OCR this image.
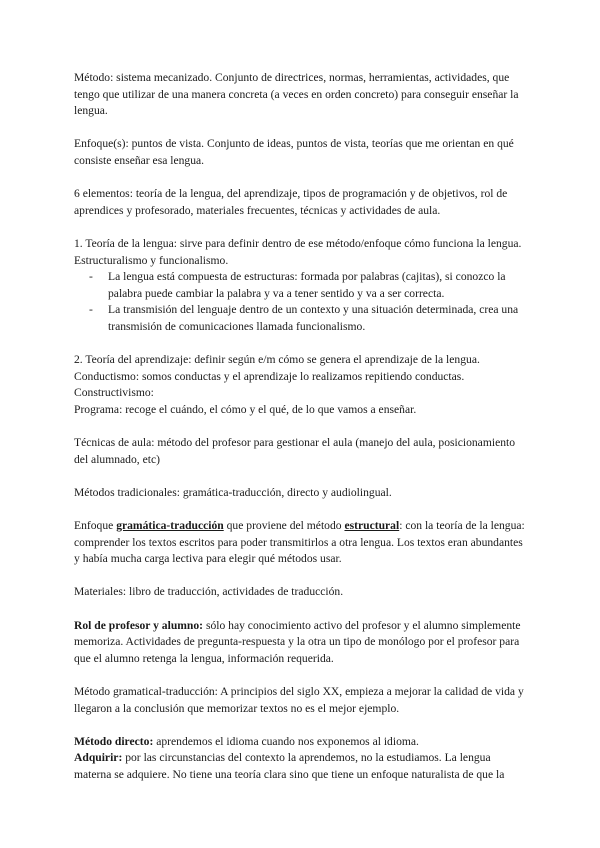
Método: sistema mecanizado. Conjunto de directrices, normas, herramientas, actividades, que tengo que utilizar de una manera concreta (a veces en orden concreto) para conseguir enseñar la lengua.

Enfoque(s): puntos de vista. Conjunto de ideas, puntos de vista, teorías que me orientan en qué consiste enseñar esa lengua.

6 elementos: teoría de la lengua, del aprendizaje, tipos de programación y de objetivos, rol de aprendices y profesorado, materiales frecuentes, técnicas y actividades de aula.

1. Teoría de la lengua: sirve para definir dentro de ese método/enfoque cómo funciona la lengua. Estructuralismo y funcionalismo.

- La lengua está compuesta de estructuras: formada por palabras (cajitas), si conozco la palabra puede cambiar la palabra y va a tener sentido y va a ser correcta.
- La transmisión del lenguaje dentro de un contexto y una situación determinada, crea una transmisión de comunicaciones llamada funcionalismo.

2. Teoría del aprendizaje: definir según e/m cómo se genera el aprendizaje de la lengua.

Conductismo: somos conductas y el aprendizaje lo realizamos repitiendo conductas.

Constructivismo:

Programa: recoge el cuándo, el cómo y el qué, de lo que vamos a enseñar.

Técnicas de aula: método del profesor para gestionar el aula (manejo del aula, posicionamiento del alumnado, etc)

Métodos tradicionales: gramática-traducción, directo y audiolingual.

Enfoque gramática-traducción que proviene del método estructural: con la teoría de la lengua: comprender los textos escritos para poder transmitirlos a otra lengua. Los textos eran abundantes y había mucha carga lectiva para elegir qué métodos usar.

Materiales: libro de traducción, actividades de traducción.

Rol de profesor y alumno: sólo hay conocimiento activo del profesor y el alumno simplemente memoriza. Actividades de pregunta-respuesta y la otra un tipo de monólogo por el profesor para que el alumno retenga la lengua, información requerida.

Método gramatical-traducción: A principios del siglo XX, empieza a mejorar la calidad de vida y llegaron a la conclusión que memorizar textos no es el mejor ejemplo.

Método directo: aprendemos el idioma cuando nos exponemos al idioma.

Adquirir: por las circunstancias del contexto la aprendemos, no la estudiamos. La lengua materna se adquiere. No tiene una teoría clara sino que tiene un enfoque naturalista de que la
